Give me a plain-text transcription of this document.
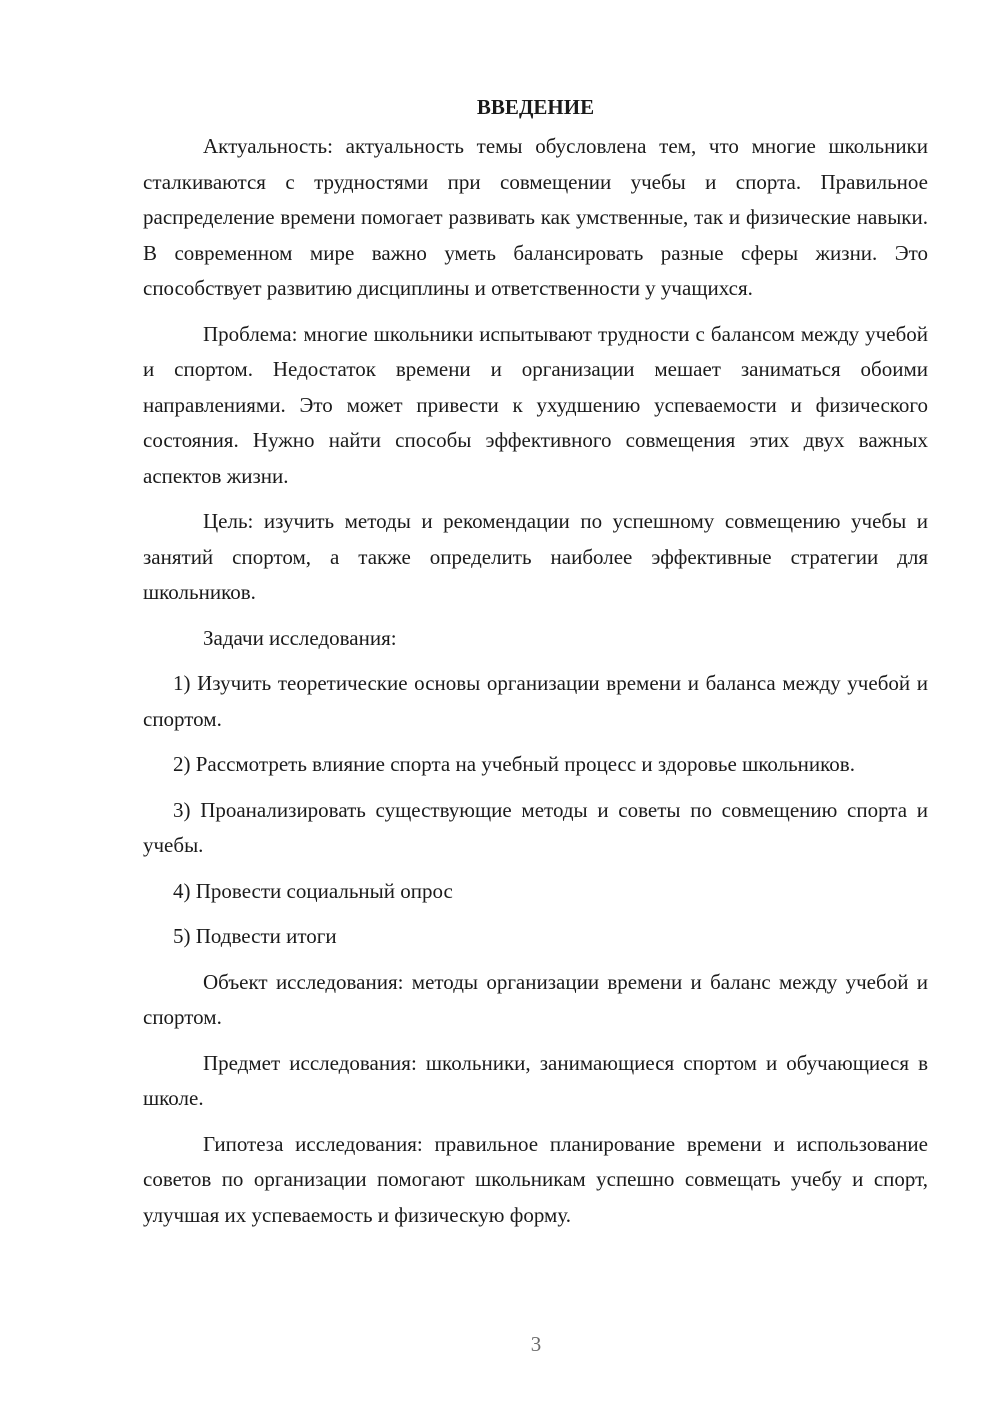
ВВЕДЕНИЕ

Актуальность: актуальность темы обусловлена тем, что многие школьники сталкиваются с трудностями при совмещении учебы и спорта. Правильное распределение времени помогает развивать как умственные, так и физические навыки. В современном мире важно уметь балансировать разные сферы жизни. Это способствует развитию дисциплины и ответственности у учащихся.

Проблема: многие школьники испытывают трудности с балансом между учебой и спортом. Недостаток времени и организации мешает заниматься обоими направлениями. Это может привести к ухудшению успеваемости и физического состояния. Нужно найти способы эффективного совмещения этих двух важных аспектов жизни.

Цель: изучить методы и рекомендации по успешному совмещению учебы и занятий спортом, а также определить наиболее эффективные стратегии для школьников.

Задачи исследования:

1) Изучить теоретические основы организации времени и баланса между учебой и спортом.

2) Рассмотреть влияние спорта на учебный процесс и здоровье школьников.

3) Проанализировать существующие методы и советы по совмещению спорта и учебы.

4) Провести социальный опрос

5) Подвести итоги

Объект исследования: методы организации времени и баланс между учебой и спортом.

Предмет исследования: школьники, занимающиеся спортом и обучающиеся в школе.

Гипотеза исследования: правильное планирование времени и использование советов по организации помогают школьникам успешно совмещать учебу и спорт, улучшая их успеваемость и физическую форму.

3
